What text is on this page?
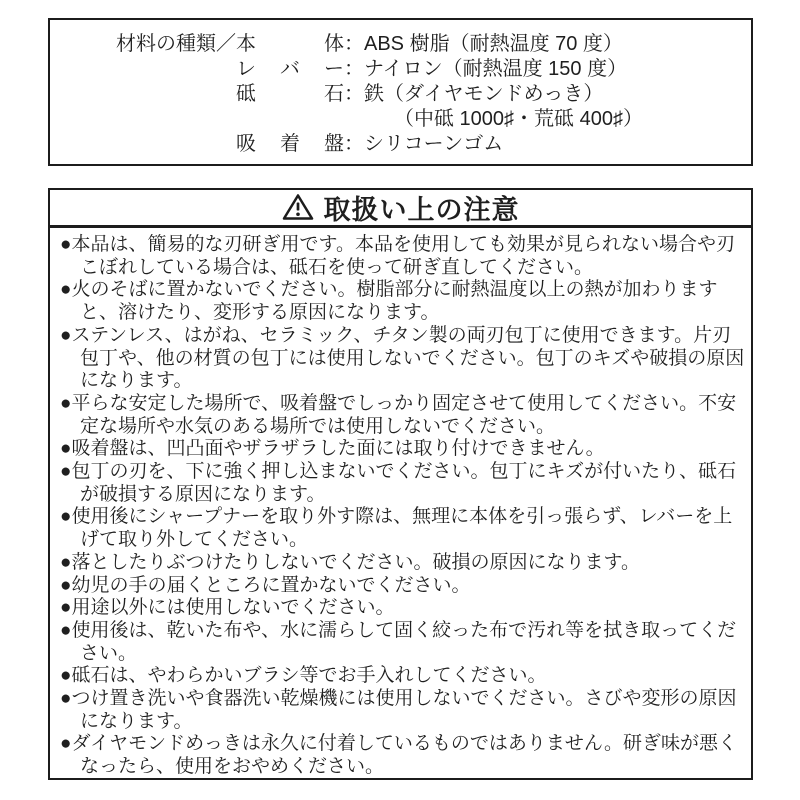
材料の種類／ 本	体 ： ABS 樹脂（耐熱温度 70 度）
レ バ ー ： ナイロン（耐熱温度 150 度）
砥	石 ： 鉄（ダイヤモンドめっき）
（中砥 1000♯・荒砥 400♯）
吸 着 盤 ： シリコーンゴム
取扱い上の注意
●本品は、簡易的な刃研ぎ用です。本品を使用しても効果が見られない場合や刃こぼれしている場合は、砥石を使って研ぎ直してください。
●火のそばに置かないでください。樹脂部分に耐熱温度以上の熱が加わりますと、溶けたり、変形する原因になります。
●ステンレス、はがね、セラミック、チタン製の両刃包丁に使用できます。片刃包丁や、他の材質の包丁には使用しないでください。包丁のキズや破損の原因になります。
●平らな安定した場所で、吸着盤でしっかり固定させて使用してください。不安定な場所や水気のある場所では使用しないでください。
●吸着盤は、凹凸面やザラザラした面には取り付けできません。
●包丁の刃を、下に強く押し込まないでください。包丁にキズが付いたり、砥石が破損する原因になります。
●使用後にシャープナーを取り外す際は、無理に本体を引っ張らず、レバーを上げて取り外してください。
●落としたりぶつけたりしないでください。破損の原因になります。
●幼児の手の届くところに置かないでください。
●用途以外には使用しないでください。
●使用後は、乾いた布や、水に濡らして固く絞った布で汚れ等を拭き取ってください。
●砥石は、やわらかいブラシ等でお手入れしてください。
●つけ置き洗いや食器洗い乾燥機には使用しないでください。さびや変形の原因になります。
●ダイヤモンドめっきは永久に付着しているものではありません。研ぎ味が悪くなったら、使用をおやめください。
